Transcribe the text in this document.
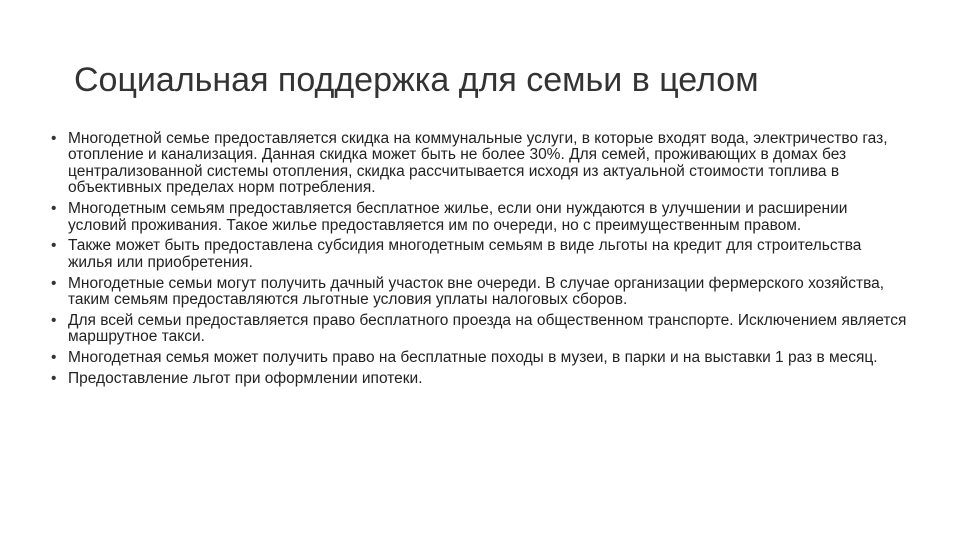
Социальная поддержка для семьи в целом
• Многодетной семье предоставляется скидка на коммунальные услуги, в которые входят вода, электричество газ, отопление и канализация. Данная скидка может быть не более 30%. Для семей, проживающих в домах без централизованной системы отопления, скидка рассчитывается исходя из актуальной стоимости топлива в объективных пределах норм потребления.
• Многодетным семьям предоставляется бесплатное жилье, если они нуждаются в улучшении и расширении условий проживания. Такое жилье предоставляется им по очереди, но с преимущественным правом.
• Также может быть предоставлена субсидия многодетным семьям в виде льготы на кредит для строительства жилья или приобретения.
• Многодетные семьи могут получить дачный участок вне очереди. В случае организации фермерского хозяйства, таким семьям предоставляются льготные условия уплаты налоговых сборов.
• Для всей семьи предоставляется право бесплатного проезда на общественном транспорте. Исключением является маршрутное такси.
• Многодетная семья может получить право на бесплатные походы в музеи, в парки и на выставки 1 раз в месяц.
• Предоставление льгот при оформлении ипотеки.
